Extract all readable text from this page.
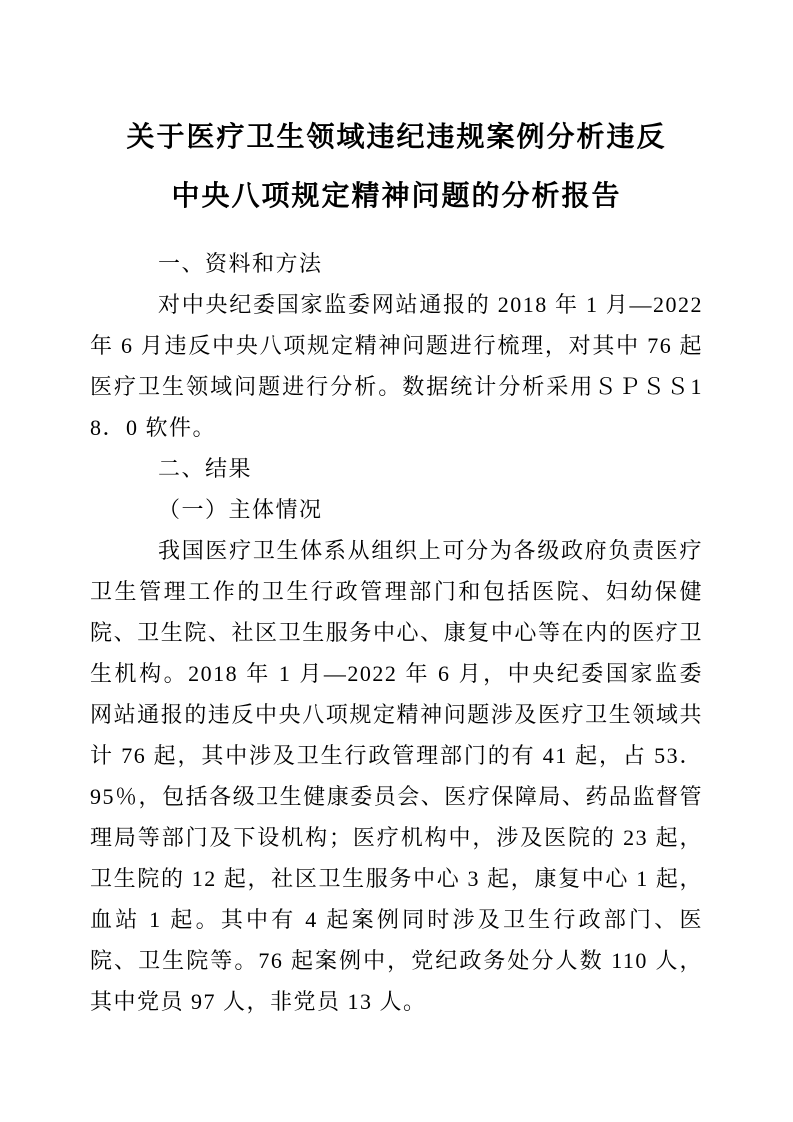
关于医疗卫生领域违纪违规案例分析违反
中央八项规定精神问题的分析报告

一、资料和方法

对中央纪委国家监委网站通报的 2018 年 1 月—2022 年 6 月违反中央八项规定精神问题进行梳理，对其中 76 起医疗卫生领域问题进行分析。数据统计分析采用ＳＰＳＳ18．0 软件。

二、结果

（一）主体情况

我国医疗卫生体系从组织上可分为各级政府负责医疗卫生管理工作的卫生行政管理部门和包括医院、妇幼保健院、卫生院、社区卫生服务中心、康复中心等在内的医疗卫生机构。2018 年 1 月—2022 年 6 月，中央纪委国家监委网站通报的违反中央八项规定精神问题涉及医疗卫生领域共计 76 起，其中涉及卫生行政管理部门的有 41 起，占 53．95％，包括各级卫生健康委员会、医疗保障局、药品监督管理局等部门及下设机构；医疗机构中，涉及医院的 23 起，卫生院的 12 起，社区卫生服务中心 3 起，康复中心 1 起，血站 1 起。其中有 4 起案例同时涉及卫生行政部门、医院、卫生院等。76 起案例中，党纪政务处分人数 110 人，其中党员 97 人，非党员 13 人。
